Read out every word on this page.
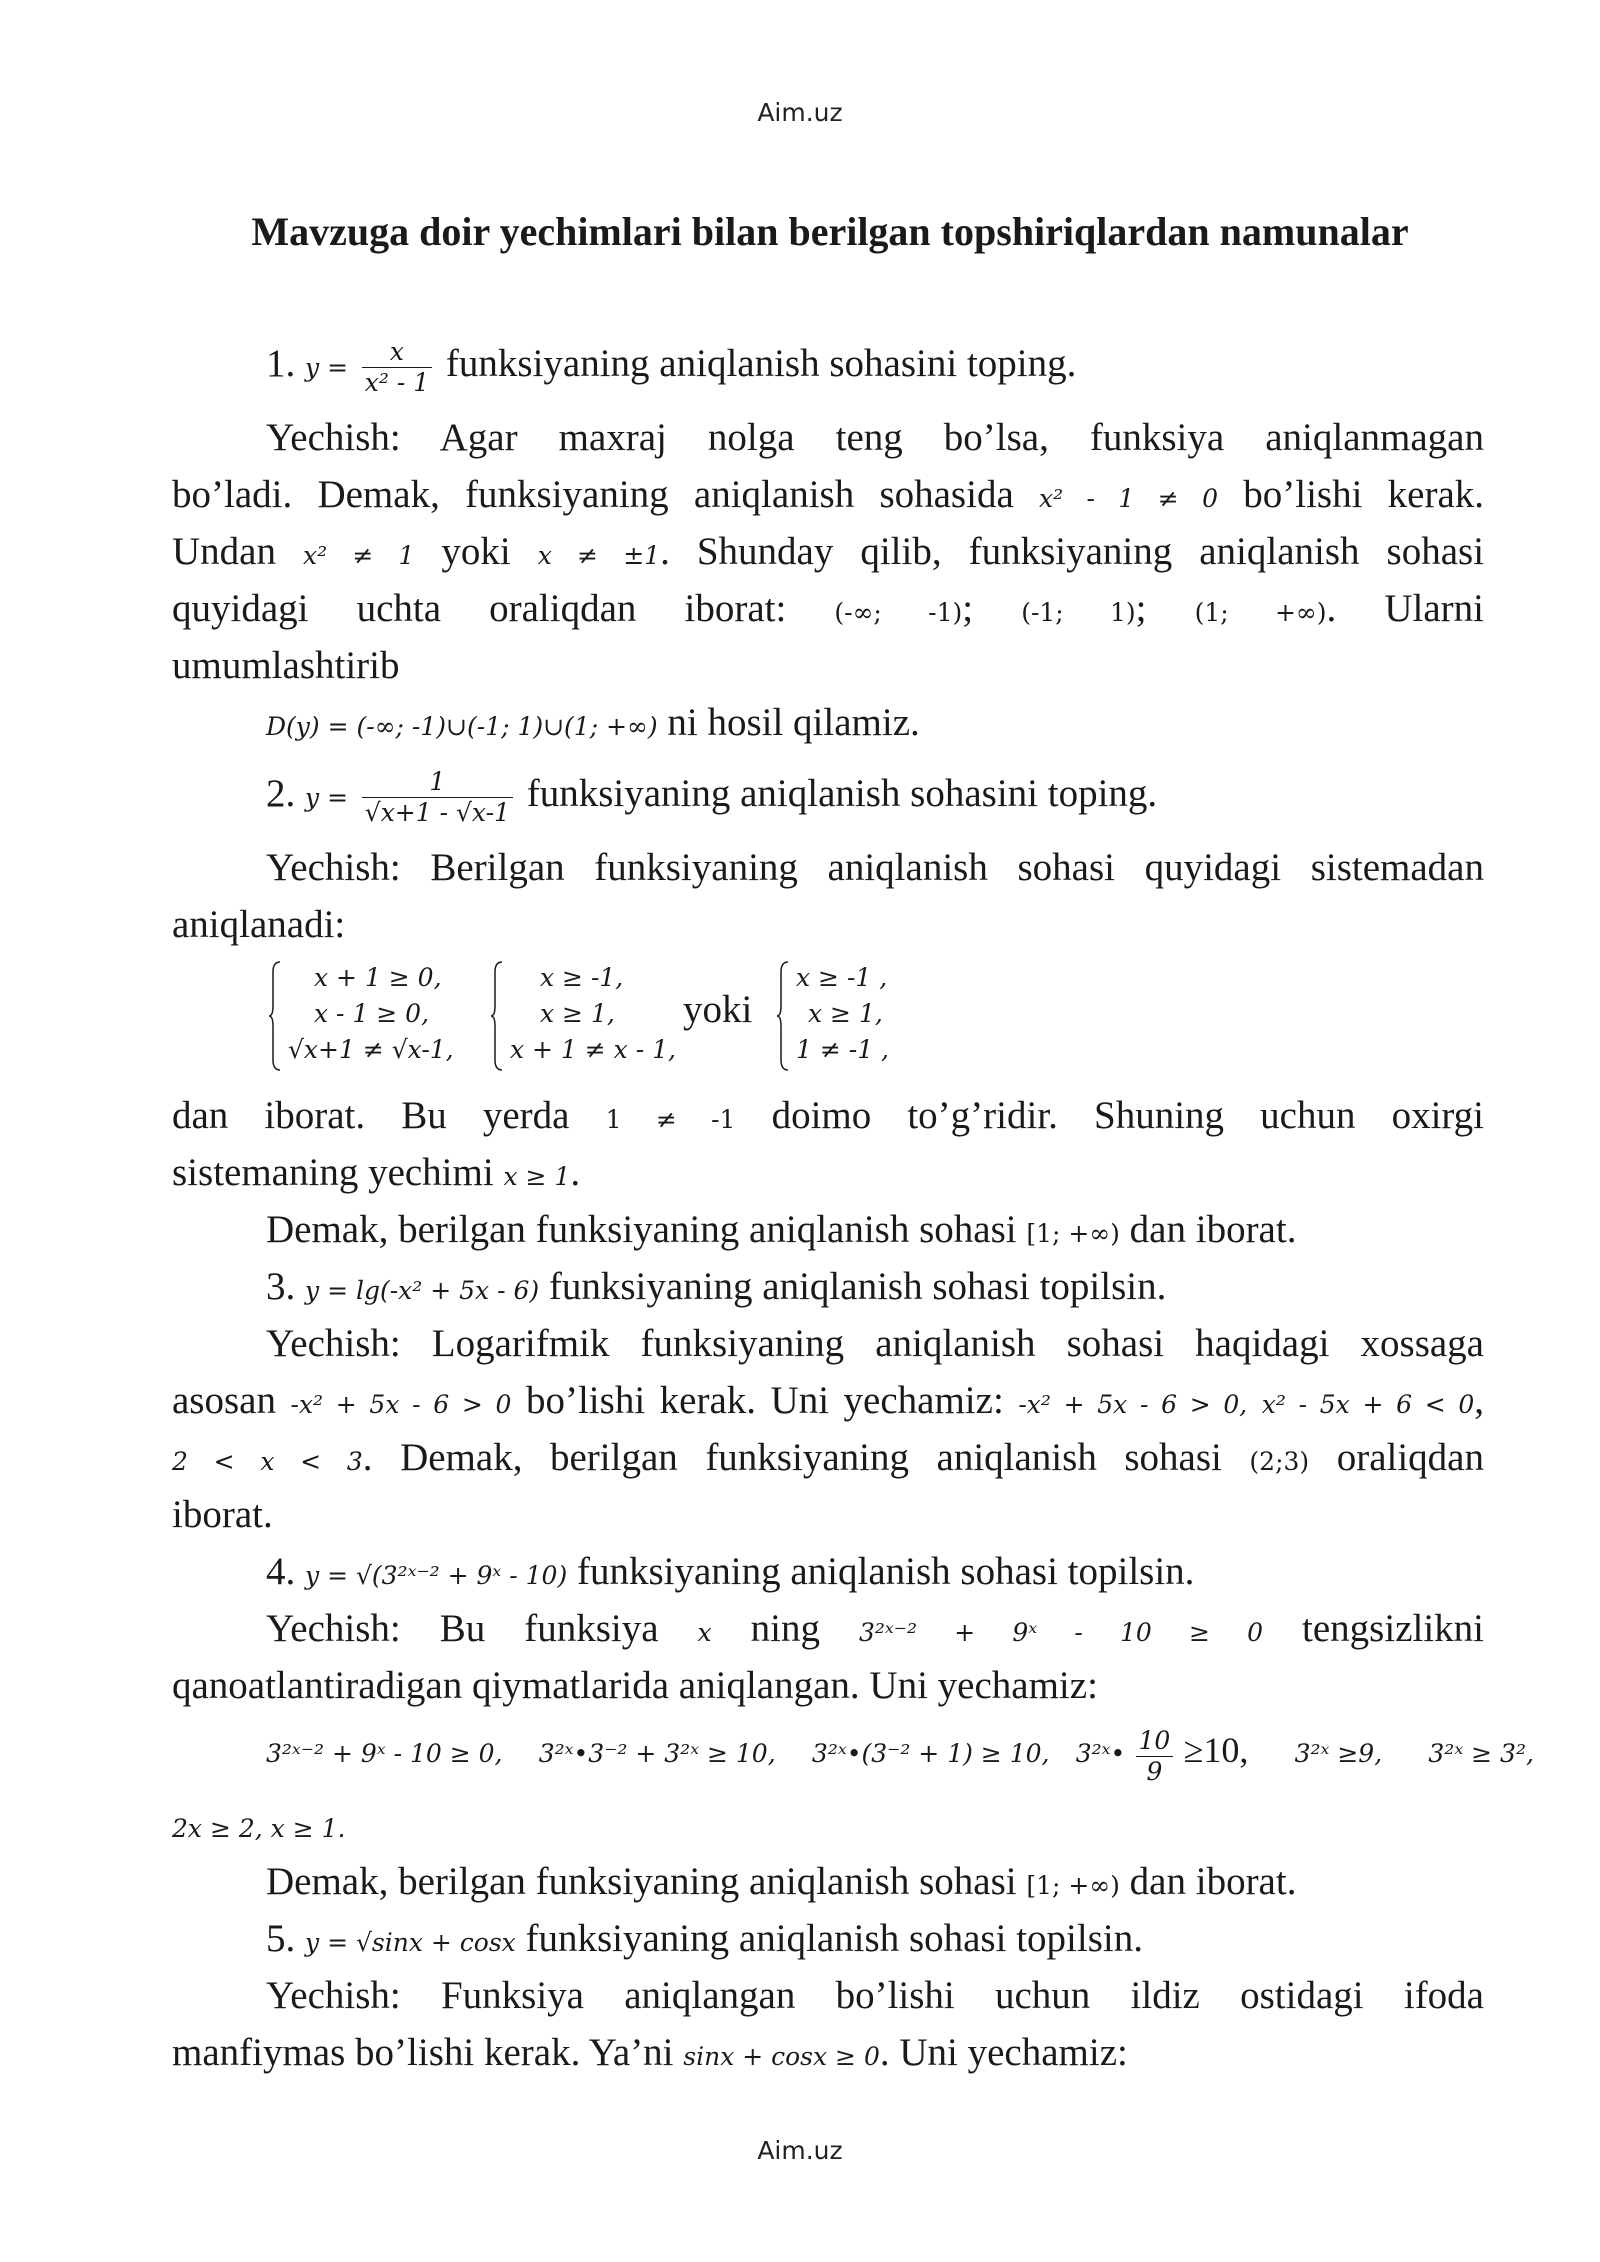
Aim.uz
Mavzuga doir yechimlari bilan berilgan topshiriqlardan namunalar
1. $y = \frac{x}{\text{x² - 1}}$ funksiyaning aniqlanish sohasini toping.
Yechish: Agar maxraj nolga teng bo’lsa, funksiya aniqlanmagan
bo’ladi. Demak, funksiyaning aniqlanish sohasida x² - 1 ≠ 0 bo’lishi kerak.
Undan x² ≠ 1 yoki x ≠ ±1. Shunday qilib, funksiyaning aniqlanish sohasi
quyidagi uchta oraliqdan iborat: (-∞; -1); (-1; 1); (1; +∞). Ularni
umumlashtirib
D(y) = (-∞; -1)∪(-1; 1)∪(1; +∞) ni hosil qilamiz.
2. $y = \frac{1}{√x+1 - √x-1}$ funksiyaning aniqlanish sohasini toping.
Yechish: Berilgan funksiyaning aniqlanish sohasi quyidagi sistemadan
aniqlanadi:
x + 1 ≥ 0,
x - 1 ≥ 0,
√x+1 ≠ √x-1,
x ≥ -1,
x ≥ 1,
x + 1 ≠ x - 1,
yoki
x ≥ -1 ,
x ≥ 1,
1 ≠ -1 ,
dan iborat. Bu yerda 1 ≠ -1 doimo to’g’ridir. Shuning uchun oxirgi
sistemaning yechimi x ≥ 1.
Demak, berilgan funksiyaning aniqlanish sohasi [1; +∞) dan iborat.
3. y = lg(-x² + 5x - 6) funksiyaning aniqlanish sohasi topilsin.
Yechish: Logarifmik funksiyaning aniqlanish sohasi haqidagi xossaga
asosan -x² + 5x - 6 > 0 bo’lishi kerak. Uni yechamiz: -x² + 5x - 6 > 0, x² - 5x + 6 < 0,
2 < x < 3. Demak, berilgan funksiyaning aniqlanish sohasi (2;3) oraliqdan
iborat.
4. y = √(3²ˣ⁻² + 9ˣ - 10) funksiyaning aniqlanish sohasi topilsin.
Yechish: Bu funksiya x ning 3²ˣ⁻² + 9ˣ - 10 ≥ 0 tengsizlikni
qanoatlantiradigan qiymatlarida aniqlangan. Uni yechamiz:
3²ˣ⁻² + 9ˣ - 10 ≥ 0, 3²ˣ•3⁻² + 3²ˣ ≥ 10, 3²ˣ•(3⁻² + 1) ≥ 10, 3²ˣ• $\frac{10}{9} \ge 10$, 3²ˣ ≥9, 3²ˣ ≥ 3²,
2x ≥ 2, x ≥ 1.
Demak, berilgan funksiyaning aniqlanish sohasi [1; +∞) dan iborat.
5. y = √sinx + cosx funksiyaning aniqlanish sohasi topilsin.
Yechish: Funksiya aniqlangan bo’lishi uchun ildiz ostidagi ifoda
manfiymas bo’lishi kerak. Ya’ni sinx + cosx ≥ 0. Uni yechamiz:
Aim.uz
